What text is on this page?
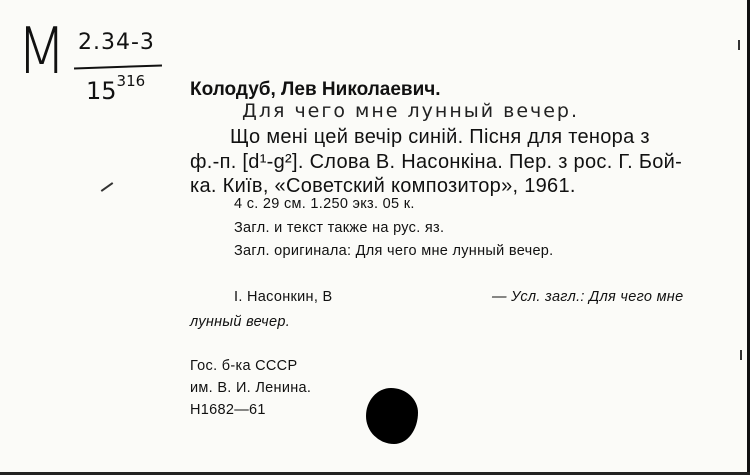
M 2.34-3
$15^{316}$ Колодуб, Лев Николаевич.
Для чего мне лунный вечер.
Що мені цей вечір синій. Пісня для тенора з
ф.-п. [d¹-g²]. Слова В. Насонкіна. Пер. з рос. Г. Бой-
ка. Київ, «Советский композитор», 1961.
4 с. 29 см. 1.250 экз. 05 к.
Загл. и текст также на рус. яз.
Загл. оригинала: Для чего мне лунный вечер.
I. Насонкин, В	— Усл. загл.: Для чего мне
лунный вечер.
Гос. б-ка СССР
им. В. И. Ленина.
Н1682—61
